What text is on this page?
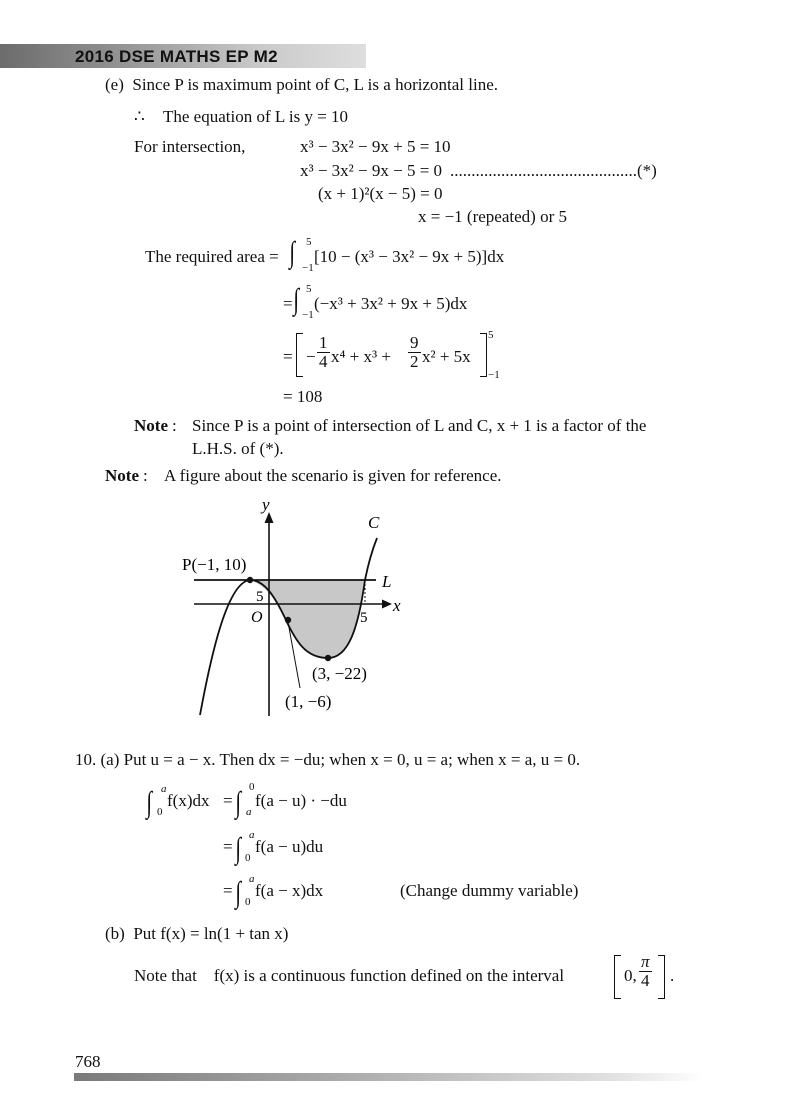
2016 DSE MATHS EP M2
(e) Since P is maximum point of C, L is a horizontal line.
∴ The equation of L is y = 10
For intersection,	x³ − 3x² − 9x + 5 = 10
x³ − 3x² − 9x − 5 = 0 ............................................(*)
(x + 1)²(x − 5) = 0
x = −1 (repeated) or 5
The required area = ∫ 5
−1
[10 − (x³ − 3x² − 9x + 5)]dx
= ∫ 5
−1
(−x³ + 3x² + 9x + 5)dx
= − $\frac{1}{4} x^4 + x^3 + \frac{9}{2} x^2 + 5x$
5
−1
= 108
Note : Since P is a point of intersection of L and C, x + 1 is a factor of the
L.H.S. of (*).
Note : A figure about the scenario is given for reference.
y
x
C
L
P(−1, 10)
5
O	5
(3, −22)
(1, −6)
10. (a) Put u = a − x. Then dx = −du; when x = 0, u = a; when x = a, u = 0.
∫ a
0
f(x)dx = ∫ 0
a
f(a − u) · −du
= ∫ a
0
f(a − u)du
= ∫ a
0
f(a − x)dx	(Change dummy variable)
(b) Put f(x) = ln(1 + tan x)
Note that f(x) is a continuous function defined on the interval	0, $\frac{\pi}{4}$ .
768
